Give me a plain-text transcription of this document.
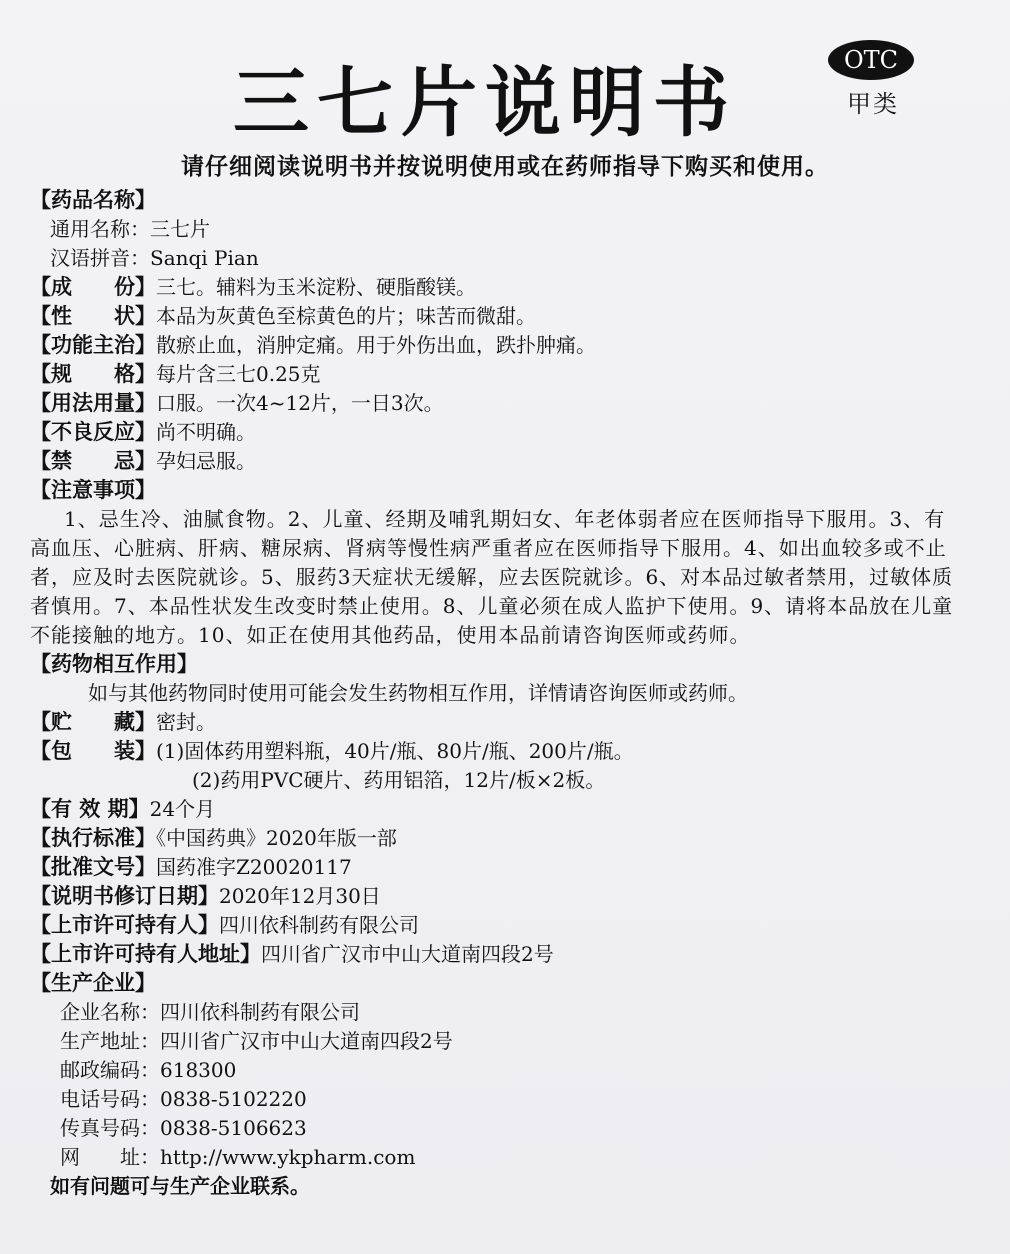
三七片说明书	OTC
甲类
请仔细阅读说明书并按说明使用或在药师指导下购买和使用。
【药品名称】
通用名称：三七片
汉语拼音：Sanqi Pian
【成　　份】三七。辅料为玉米淀粉、硬脂酸镁。
【性　　状】本品为灰黄色至棕黄色的片；味苦而微甜。
【功能主治】散瘀止血，消肿定痛。用于外伤出血，跌扑肿痛。
【规　　格】每片含三七0.25克
【用法用量】口服。一次4~12片，一日3次。
【不良反应】尚不明确。
【禁　　忌】孕妇忌服。
【注意事项】
1、忌生冷、油腻食物。2、儿童、经期及哺乳期妇女、年老体弱者应在医师指导下服用。3、有高血压、心脏病、肝病、糖尿病、肾病等慢性病严重者应在医师指导下服用。4、如出血较多或不止者，应及时去医院就诊。5、服药3天症状无缓解，应去医院就诊。6、对本品过敏者禁用，过敏体质者慎用。7、本品性状发生改变时禁止使用。8、儿童必须在成人监护下使用。9、请将本品放在儿童不能接触的地方。10、如正在使用其他药品，使用本品前请咨询医师或药师。
【药物相互作用】
如与其他药物同时使用可能会发生药物相互作用，详情请咨询医师或药师。
【贮　　藏】密封。
【包　　装】(1)固体药用塑料瓶，40片/瓶、80片/瓶、200片/瓶。
(2)药用PVC硬片、药用铝箔，12片/板×2板。
【有 效 期】24个月
【执行标准】《中国药典》2020年版一部
【批准文号】国药准字Z20020117
【说明书修订日期】2020年12月30日
【上市许可持有人】四川依科制药有限公司
【上市许可持有人地址】四川省广汉市中山大道南四段2号
【生产企业】
企业名称：四川依科制药有限公司
生产地址：四川省广汉市中山大道南四段2号
邮政编码：618300
电话号码：0838-5102220
传真号码：0838-5106623
网　　址：http://www.ykpharm.com
如有问题可与生产企业联系。
